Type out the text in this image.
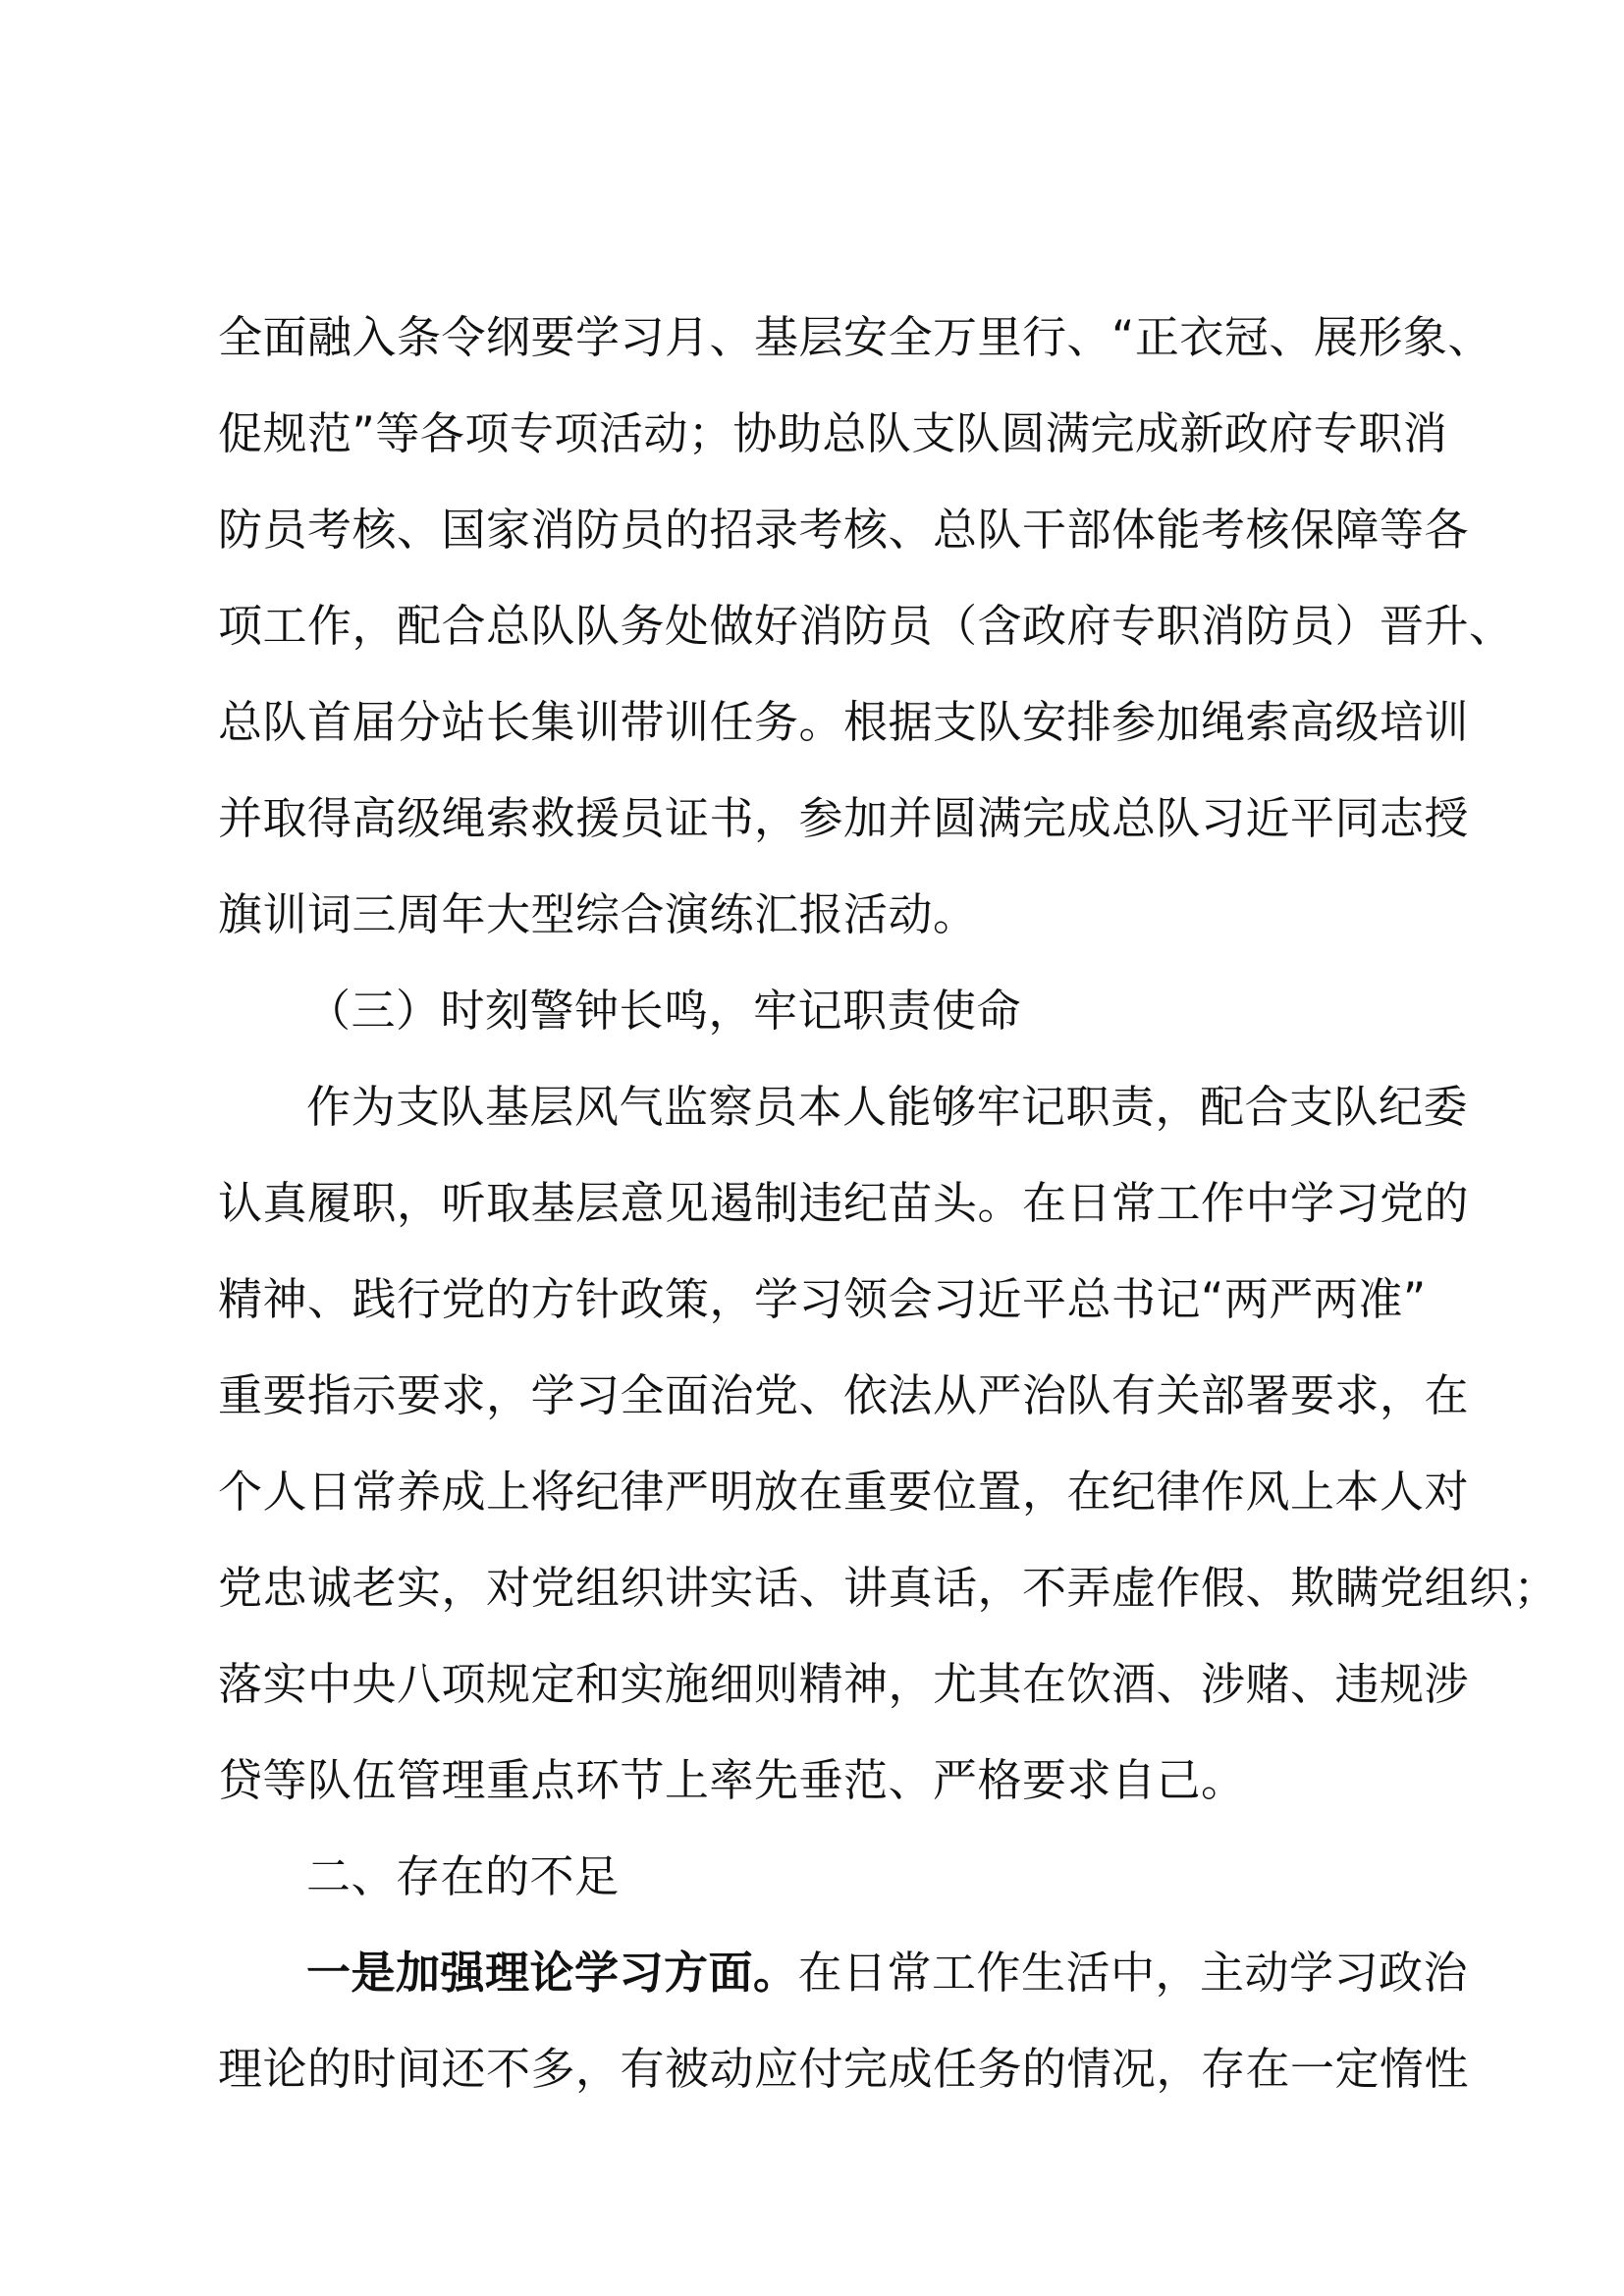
全面融入条令纲要学习月、基层安全万里行、“正衣冠、展形象、
促规范”等各项专项活动；协助总队支队圆满完成新政府专职消
防员考核、国家消防员的招录考核、总队干部体能考核保障等各
项工作，配合总队队务处做好消防员（含政府专职消防员）晋升、
总队首届分站长集训带训任务。根据支队安排参加绳索高级培训
并取得高级绳索救援员证书，参加并圆满完成总队习近平同志授
旗训词三周年大型综合演练汇报活动。
（三）时刻警钟长鸣，牢记职责使命
作为支队基层风气监察员本人能够牢记职责，配合支队纪委
认真履职，听取基层意见遏制违纪苗头。在日常工作中学习党的
精神、践行党的方针政策，学习领会习近平总书记“两严两准”
重要指示要求，学习全面治党、依法从严治队有关部署要求，在
个人日常养成上将纪律严明放在重要位置，在纪律作风上本人对
党忠诚老实，对党组织讲实话、讲真话，不弄虚作假、欺瞒党组织；
落实中央八项规定和实施细则精神，尤其在饮酒、涉赌、违规涉
贷等队伍管理重点环节上率先垂范、严格要求自己。
二、存在的不足
一是加强理论学习方面。在日常工作生活中，主动学习政治
理论的时间还不多，有被动应付完成任务的情况，存在一定惰性
